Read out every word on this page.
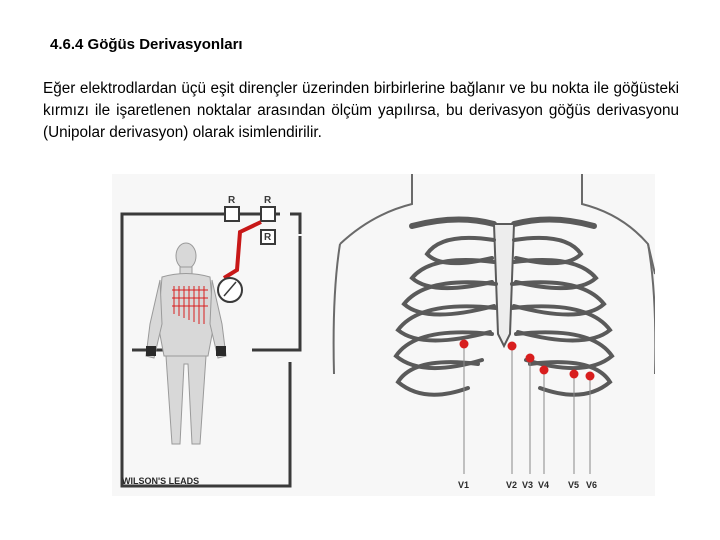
4.6.4 Göğüs Derivasyonları
Eğer elektrodlardan üçü eşit dirençler üzerinden birbirlerine bağlanır ve bu nokta ile göğüsteki kırmızı ile işaretlenen noktalar arasından ölçüm yapılırsa, bu derivasyon göğüs derivasyonu (Unipolar derivasyon) olarak isimlendirilir.
R	R
R
WILSON'S LEADS	V1	V2 V3 V4 V5 V6
